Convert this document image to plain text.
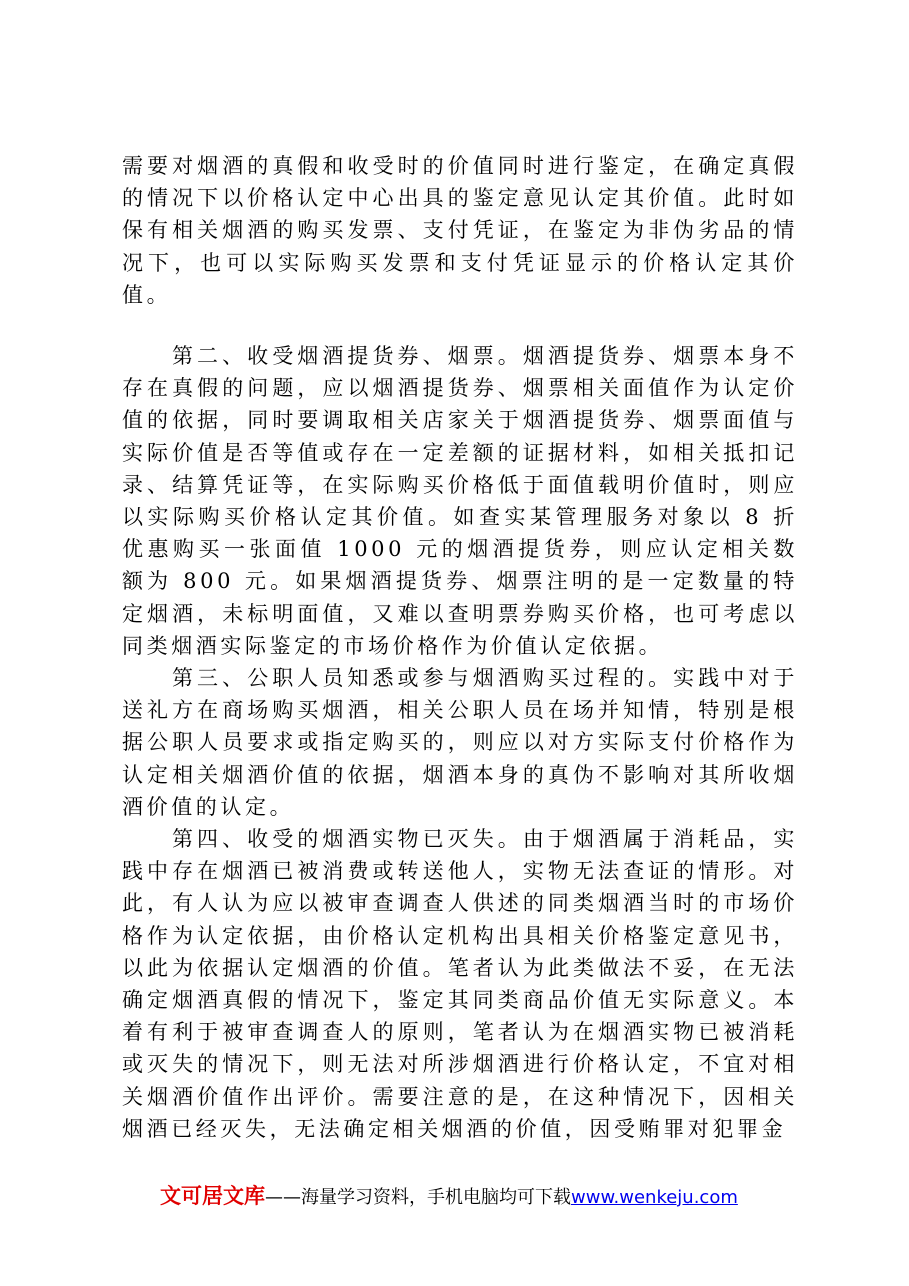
需要对烟酒的真假和收受时的价值同时进行鉴定，在确定真假的情况下以价格认定中心出具的鉴定意见认定其价值。此时如保有相关烟酒的购买发票、支付凭证，在鉴定为非伪劣品的情况下，也可以实际购买发票和支付凭证显示的价格认定其价值。

第二、收受烟酒提货券、烟票。烟酒提货券、烟票本身不存在真假的问题，应以烟酒提货券、烟票相关面值作为认定价值的依据，同时要调取相关店家关于烟酒提货券、烟票面值与实际价值是否等值或存在一定差额的证据材料，如相关抵扣记录、结算凭证等，在实际购买价格低于面值载明价值时，则应以实际购买价格认定其价值。如查实某管理服务对象以 8 折优惠购买一张面值 1000 元的烟酒提货券，则应认定相关数额为 800 元。如果烟酒提货券、烟票注明的是一定数量的特定烟酒，未标明面值，又难以查明票券购买价格，也可考虑以同类烟酒实际鉴定的市场价格作为价值认定依据。

第三、公职人员知悉或参与烟酒购买过程的。实践中对于送礼方在商场购买烟酒，相关公职人员在场并知情，特别是根据公职人员要求或指定购买的，则应以对方实际支付价格作为认定相关烟酒价值的依据，烟酒本身的真伪不影响对其所收烟酒价值的认定。

第四、收受的烟酒实物已灭失。由于烟酒属于消耗品，实践中存在烟酒已被消费或转送他人，实物无法查证的情形。对此，有人认为应以被审查调查人供述的同类烟酒当时的市场价格作为认定依据，由价格认定机构出具相关价格鉴定意见书，以此为依据认定烟酒的价值。笔者认为此类做法不妥，在无法确定烟酒真假的情况下，鉴定其同类商品价值无实际意义。本着有利于被审查调查人的原则，笔者认为在烟酒实物已被消耗或灭失的情况下，则无法对所涉烟酒进行价格认定，不宜对相关烟酒价值作出评价。需要注意的是，在这种情况下，因相关烟酒已经灭失，无法确定相关烟酒的价值，因受贿罪对犯罪金

文可居文库——海量学习资料，手机电脑均可下载www.wenkeju.com
